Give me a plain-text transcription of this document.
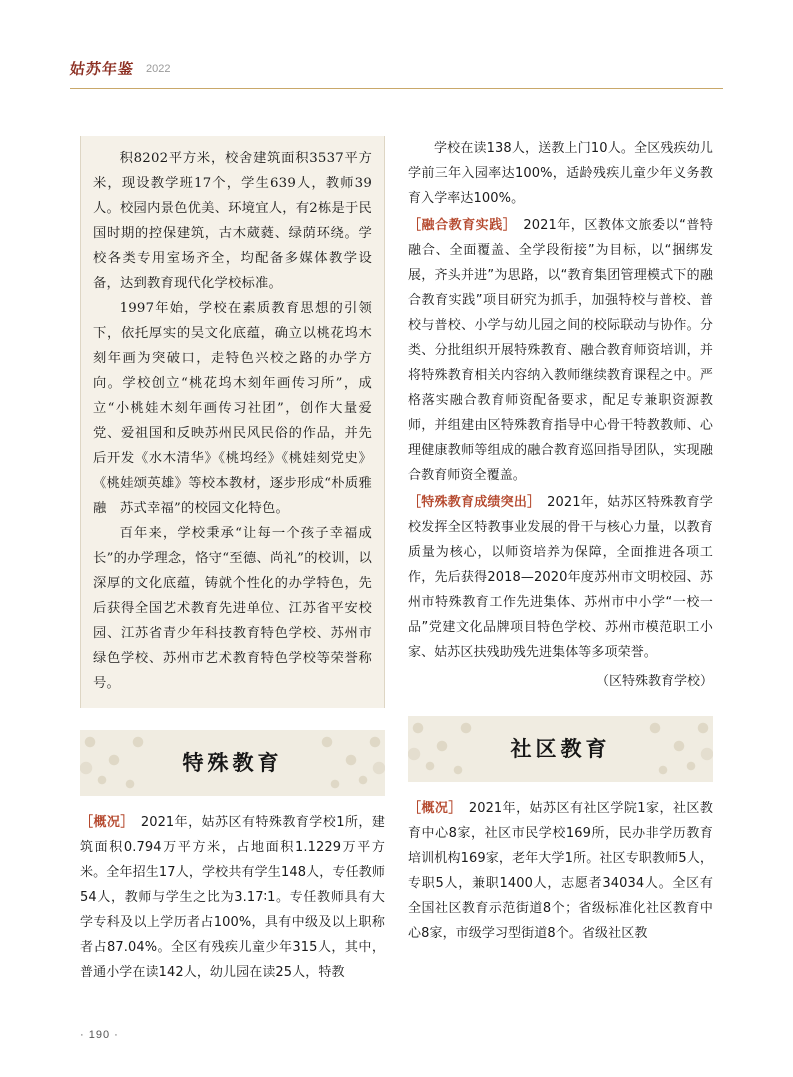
姑苏年鉴 2022

积8202平方米，校舍建筑面积3537平方米，现设教学班17个，学生639人，教师39人。校园内景色优美、环境宜人，有2栋是于民国时期的控保建筑，古木葳蕤、绿荫环绕。学校各类专用室场齐全，均配备多媒体教学设备，达到教育现代化学校标准。

1997年始，学校在素质教育思想的引领下，依托厚实的吴文化底蕴，确立以桃花坞木刻年画为突破口，走特色兴校之路的办学方向。学校创立“桃花坞木刻年画传习所”，成立“小桃娃木刻年画传习社团”，创作大量爱党、爱祖国和反映苏州民风民俗的作品，并先后开发《水木清华》《桃坞经》《桃娃刻党史》《桃娃颂英雄》等校本教材，逐步形成“朴质雅融　苏式幸福”的校园文化特色。

百年来，学校秉承“让每一个孩子幸福成长”的办学理念，恪守“至德、尚礼”的校训，以深厚的文化底蕴，铸就个性化的办学特色，先后获得全国艺术教育先进单位、江苏省平安校园、江苏省青少年科技教育特色学校、苏州市绿色学校、苏州市艺术教育特色学校等荣誉称号。

特殊教育

［概况］　2021年，姑苏区有特殊教育学校1所，建筑面积0.794万平方米，占地面积1.1229万平方米。全年招生17人，学校共有学生148人，专任教师54人，教师与学生之比为3.17∶1。专任教师具有大学专科及以上学历者占100%，具有中级及以上职称者占87.04%。全区有残疾儿童少年315人，其中，普通小学在读142人，幼儿园在读25人，特教

学校在读138人，送教上门10人。全区残疾幼儿学前三年入园率达100%，适龄残疾儿童少年义务教育入学率达100%。

［融合教育实践］　2021年，区教体文旅委以“普特融合、全面覆盖、全学段衔接”为目标，以“捆绑发展，齐头并进”为思路，以“教育集团管理模式下的融合教育实践”项目研究为抓手，加强特校与普校、普校与普校、小学与幼儿园之间的校际联动与协作。分类、分批组织开展特殊教育、融合教育师资培训，并将特殊教育相关内容纳入教师继续教育课程之中。严格落实融合教育师资配备要求，配足专兼职资源教师，并组建由区特殊教育指导中心骨干特教教师、心理健康教师等组成的融合教育巡回指导团队，实现融合教育师资全覆盖。

［特殊教育成绩突出］　2021年，姑苏区特殊教育学校发挥全区特教事业发展的骨干与核心力量，以教育质量为核心，以师资培养为保障，全面推进各项工作，先后获得2018—2020年度苏州市文明校园、苏州市特殊教育工作先进集体、苏州市中小学“一校一品”党建文化品牌项目特色学校、苏州市模范职工小家、姑苏区扶残助残先进集体等多项荣誉。

（区特殊教育学校）
社区教育

［概况］　2021年，姑苏区有社区学院1家，社区教育中心8家，社区市民学校169所，民办非学历教育培训机构169家，老年大学1所。社区专职教师5人，专职5人，兼职1400人，志愿者34034人。全区有全国社区教育示范街道8个；省级标准化社区教育中心8家，市级学习型街道8个。省级社区教

· 190 ·
